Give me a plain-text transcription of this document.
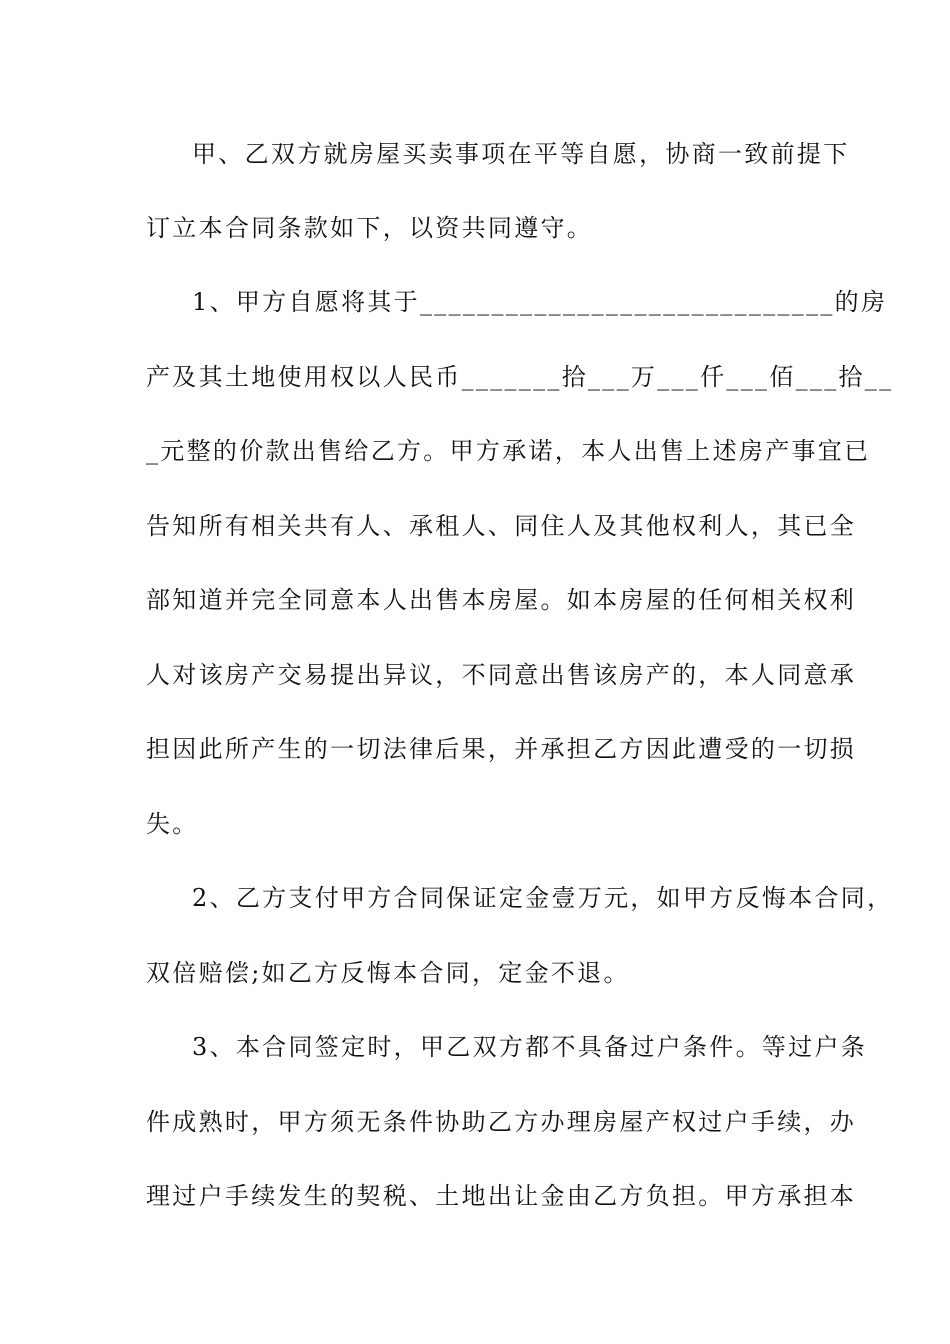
甲、乙双方就房屋买卖事项在平等自愿，协商一致前提下
订立本合同条款如下，以资共同遵守。
1、甲方自愿将其于_____________________________的房
产及其土地使用权以人民币_______拾___万___仟___佰___拾__
_元整的价款出售给乙方。甲方承诺，本人出售上述房产事宜已
告知所有相关共有人、承租人、同住人及其他权利人，其已全
部知道并完全同意本人出售本房屋。如本房屋的任何相关权利
人对该房产交易提出异议，不同意出售该房产的，本人同意承
担因此所产生的一切法律后果，并承担乙方因此遭受的一切损
失。
2、乙方支付甲方合同保证定金壹万元，如甲方反悔本合同，
双倍赔偿;如乙方反悔本合同，定金不退。
3、本合同签定时，甲乙双方都不具备过户条件。等过户条
件成熟时，甲方须无条件协助乙方办理房屋产权过户手续，办
理过户手续发生的契税、土地出让金由乙方负担。甲方承担本
